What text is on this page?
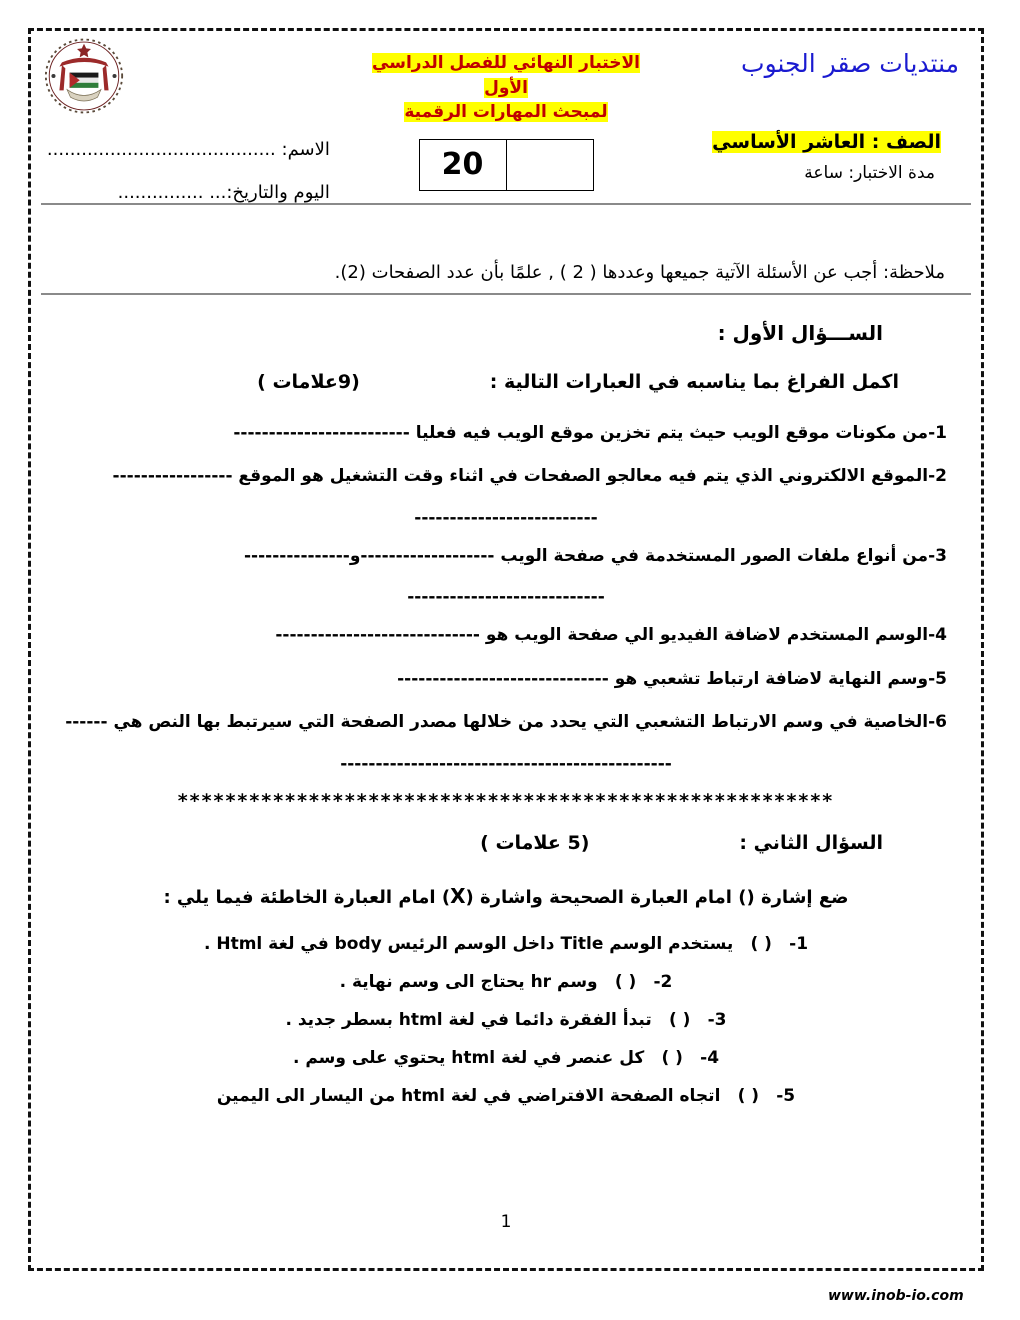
منتديات صقر الجنوب

الاختبار النهائي للفصل الدراسي الأول
لمبحث المهارات الرقمية

الصف : العاشر الأساسي
مدة الاختبار: ساعة

	20

الاسم: ........................................
اليوم والتاريخ:... ...............
ملاحظة: أجب عن الأسئلة الآتية جميعها وعددها ( 2 ) , علمًا بأن عدد الصفحات (2).
الســـؤال الأول :
اكمل الفراغ بما يناسبه في العبارات التالية :
(9علامات )
1-من مكونات موقع الويب حيث يتم تخزين موقع الويب فيه فعليا -------------------------
2-الموقع الالكتروني الذي يتم فيه معالجو الصفحات في اثناء وقت التشغيل هو الموقع -----------------
--------------------------
3-من أنواع ملفات الصور المستخدمة في صفحة الويب -------------------و---------------
----------------------------
4-الوسم المستخدم لاضافة الفيديو الي صفحة الويب هو -----------------------------
5-وسم النهاية لاضافة ارتباط تشعبي هو ------------------------------
6-الخاصية في وسم الارتباط التشعبي التي يحدد من خلالها مصدر الصفحة التي سيرتبط بها النص هي ------
-----------------------------------------------
*******************************************************
السؤال الثاني :
(5 علامات )
ضع إشارة () امام العبارة الصحيحة واشارة (X) امام العبارة الخاطئة فيما يلي :
1- ( ) يستخدم الوسم Title داخل الوسم الرئيس body في لغة Html .
2- ( ) وسم hr يحتاج الى وسم نهاية .
3- ( ) تبدأ الفقرة دائما في لغة html بسطر جديد .
4- ( ) كل عنصر في لغة html يحتوي على وسم .
5- ( ) اتجاه الصفحة الافتراضي في لغة html من اليسار الى اليمين
1
www.inob-io.com
